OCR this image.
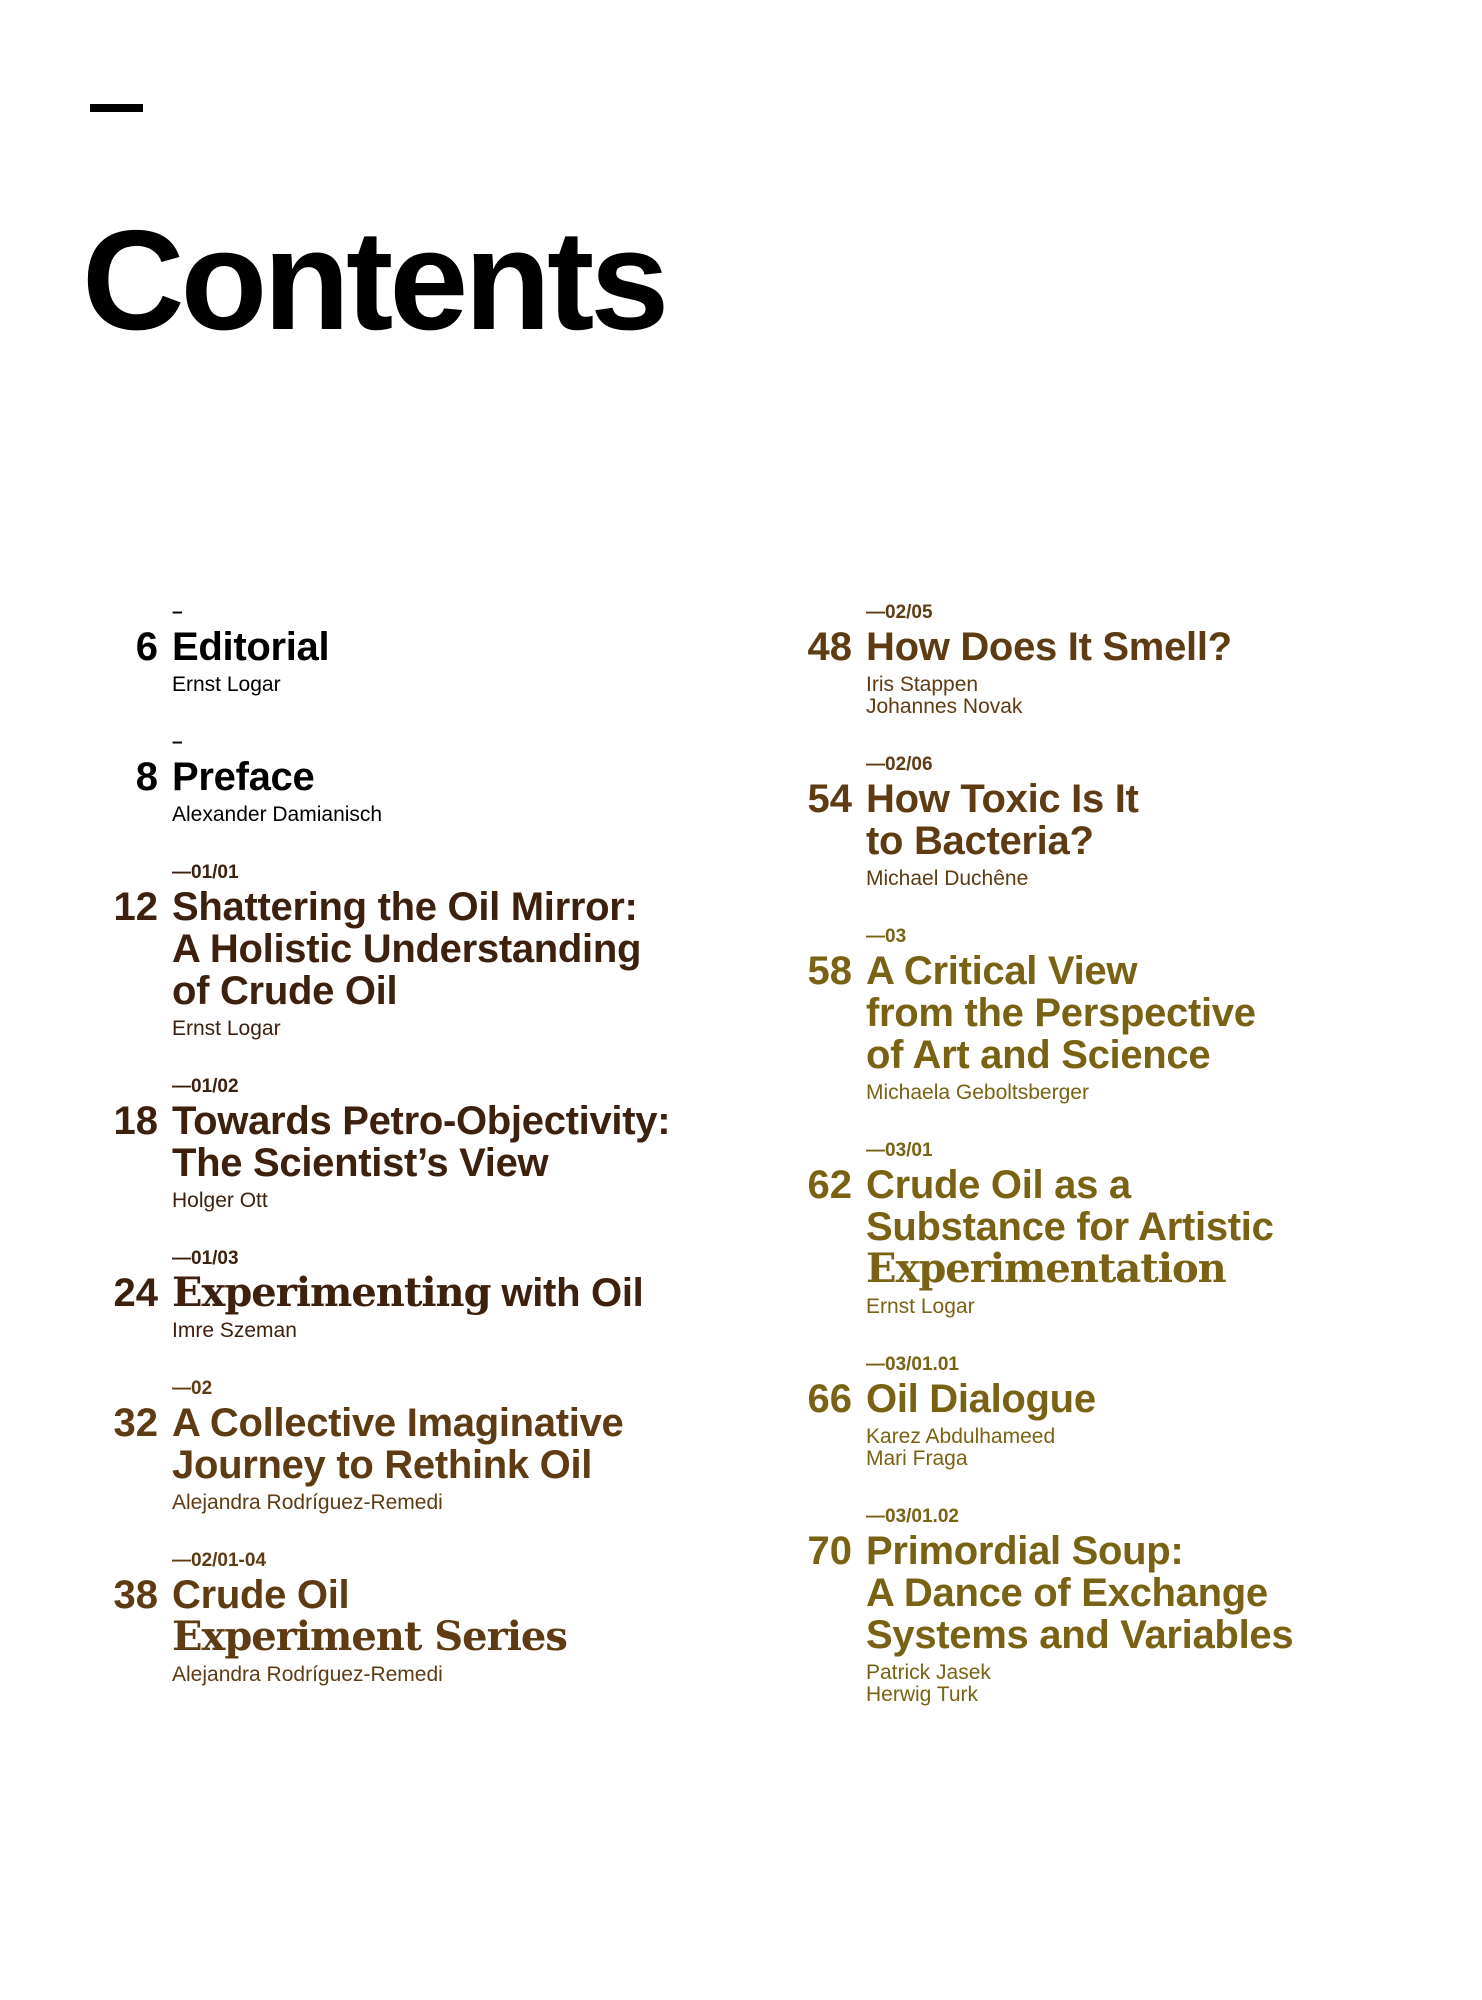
Contents
–
6 Editorial
Ernst Logar
–
8 Preface
Alexander Damianisch
—01/01
12 Shattering the Oil Mirror:
A Holistic Understanding
of Crude Oil
Ernst Logar
—01/02
18 Towards Petro-Objectivity:
The Scientist’s View
Holger Ott
—01/03
24 Experimenting with Oil
Imre Szeman
—02
32 A Collective Imaginative
Journey to Rethink Oil
Alejandra Rodríguez-Remedi
—02/01-04
38 Crude Oil
Experiment Series
Alejandra Rodríguez-Remedi
—02/05
48 How Does It Smell?
Iris Stappen
Johannes Novak
—02/06
54 How Toxic Is It
to Bacteria?
Michael Duchêne
—03
58 A Critical View
from the Perspective
of Art and Science
Michaela Geboltsberger
—03/01
62 Crude Oil as a
Substance for Artistic
Experimentation
Ernst Logar
—03/01.01
66 Oil Dialogue
Karez Abdulhameed
Mari Fraga
—03/01.02
70 Primordial Soup:
A Dance of Exchange
Systems and Variables
Patrick Jasek
Herwig Turk
